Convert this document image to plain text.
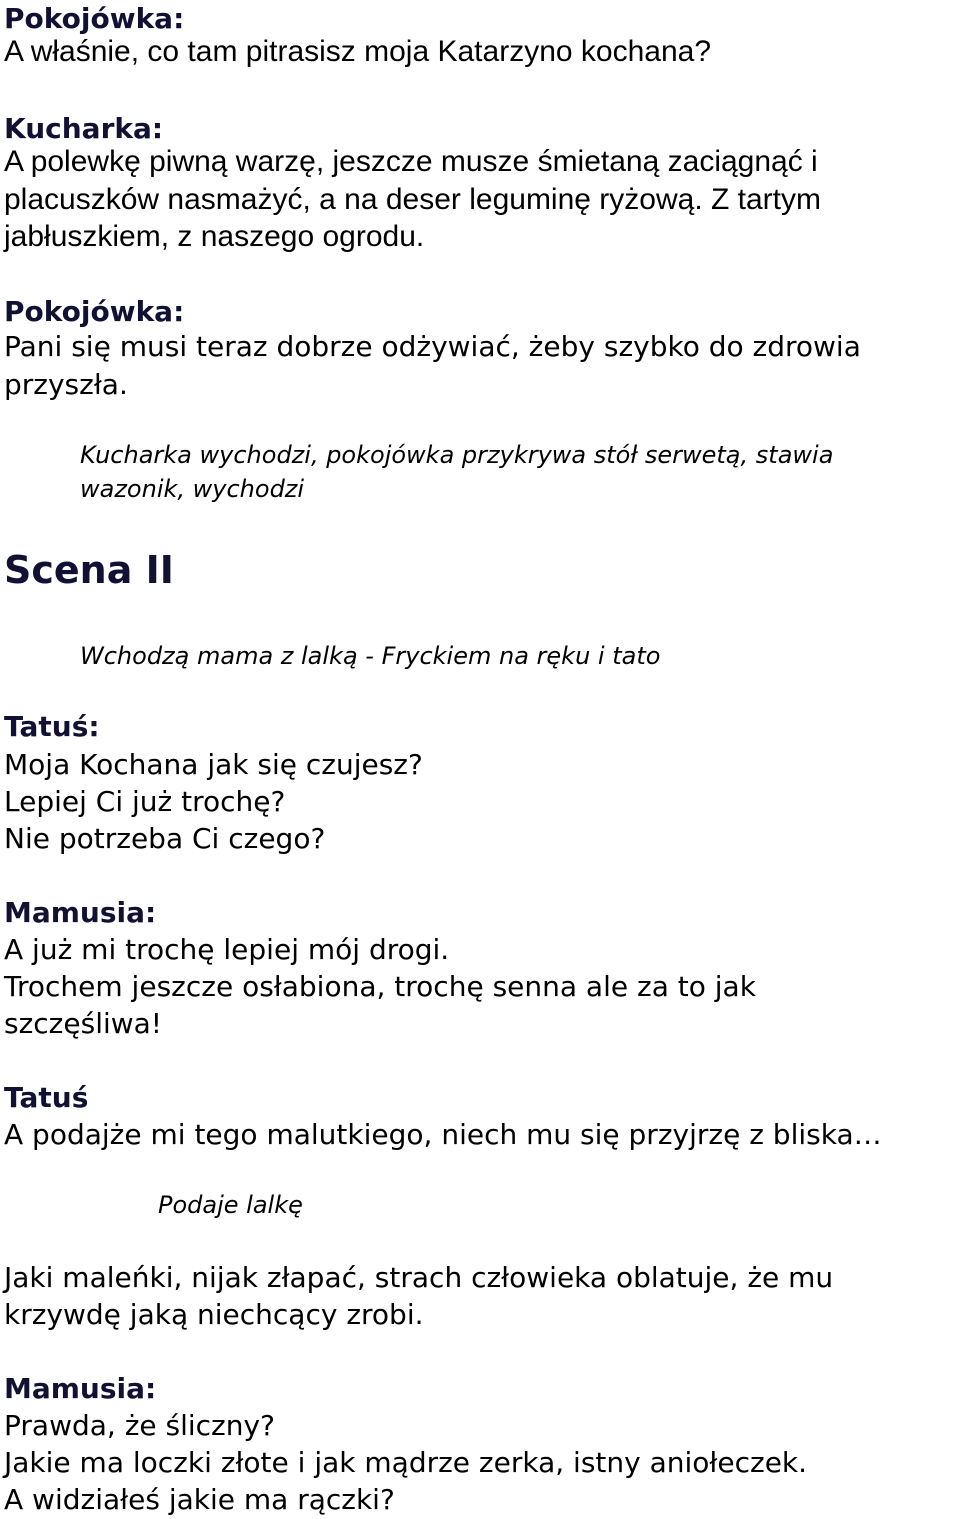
Pokojówka:
A właśnie, co tam pitrasisz moja Katarzyno kochana?
Kucharka:
A polewkę piwną warzę, jeszcze musze śmietaną zaciągnąć i
placuszków nasmażyć, a na deser leguminę ryżową. Z tartym
jabłuszkiem, z naszego ogrodu.
Pokojówka:
Pani się musi teraz dobrze odżywiać, żeby szybko do zdrowia
przyszła.
Kucharka wychodzi, pokojówka przykrywa stół serwetą, stawia
wazonik, wychodzi
Scena II
Wchodzą mama z lalką - Fryckiem na ręku i tato
Tatuś:
Moja Kochana jak się czujesz?
Lepiej Ci już trochę?
Nie potrzeba Ci czego?
Mamusia:
A już mi trochę lepiej mój drogi.
Trochem jeszcze osłabiona, trochę senna ale za to jak
szczęśliwa!
Tatuś
A podajże mi tego malutkiego, niech mu się przyjrzę z bliska…
Podaje lalkę
Jaki maleńki, nijak złapać, strach człowieka oblatuje, że mu
krzywdę jaką niechcący zrobi.
Mamusia:
Prawda, że śliczny?
Jakie ma loczki złote i jak mądrze zerka, istny aniołeczek.
A widziałeś jakie ma rączki?
